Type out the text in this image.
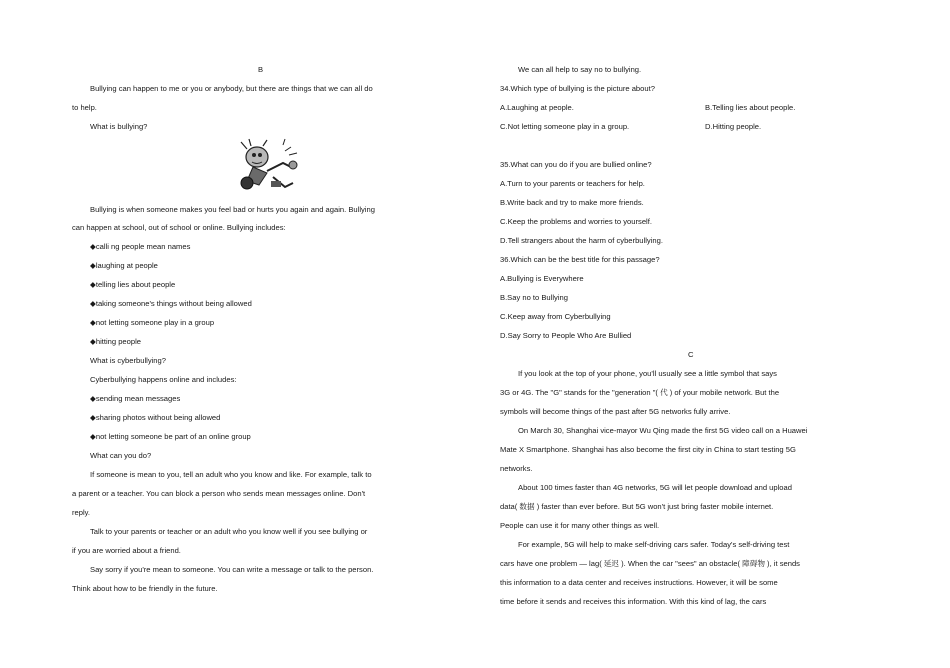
B
Bullying can happen to me or you or anybody, but there are things that we can all do
to help.
What is bullying?
Bullying is when someone makes you feel bad or hurts you again and again. Bullying
can happen at school, out of school or online. Bullying includes:
◆calli ng people mean names
◆laughing at people
◆telling lies about people
◆taking someone's things without being allowed
◆not letting someone play in a group
◆hitting people
What is cyberbullying?
Cyberbullying happens online and includes:
◆sending mean messages
◆sharing photos without being allowed
◆not letting someone be part of an online group
What can you do?
If someone is mean to you, tell an adult who you know and like. For example, talk to
a parent or a teacher. You can block a person who sends mean messages online. Don't
reply.
Talk to your parents or teacher or an adult who you know well if you see bullying or
if you are worried about a friend.
Say sorry if you're mean to someone. You can write a message or talk to the person.
Think about how to be friendly in the future.
We can all help to say no to bullying.
34.Which type of bullying is the picture about?
A.Laughing at people.	B.Telling lies about people.
C.Not letting someone play in a group.	D.Hitting people.
35.What can you do if you are bullied online?
A.Turn to your parents or teachers for help.
B.Write back and try to make more friends.
C.Keep the problems and worries to yourself.
D.Tell strangers about the harm of cyberbullying.
36.Which can be the best title for this passage?
A.Bullying is Everywhere
B.Say no to Bullying
C.Keep away from Cyberbullying
D.Say Sorry to People Who Are Bullied
C
If you look at the top of your phone, you'll usually see a little symbol that says
3G or 4G. The "G" stands for the "generation "( 代 ) of your mobile network. But the
symbols will become things of the past after 5G networks fully arrive.
On March 30, Shanghai vice-mayor Wu Qing made the first 5G video call on a Huawei
Mate X Smartphone. Shanghai has also become the first city in China to start testing 5G
networks.
About 100 times faster than 4G networks, 5G will let people download and upload
data( 数据 ) faster than ever before. But 5G won't just bring faster mobile internet.
People can use it for many other things as well.
For example, 5G will help to make self-driving cars safer. Today's self-driving test
cars have one problem — lag( 延迟 ). When the car "sees" an obstacle( 障碍物 ), it sends
this information to a data center and receives instructions. However, it will be some
time before it sends and receives this information. With this kind of lag, the cars
